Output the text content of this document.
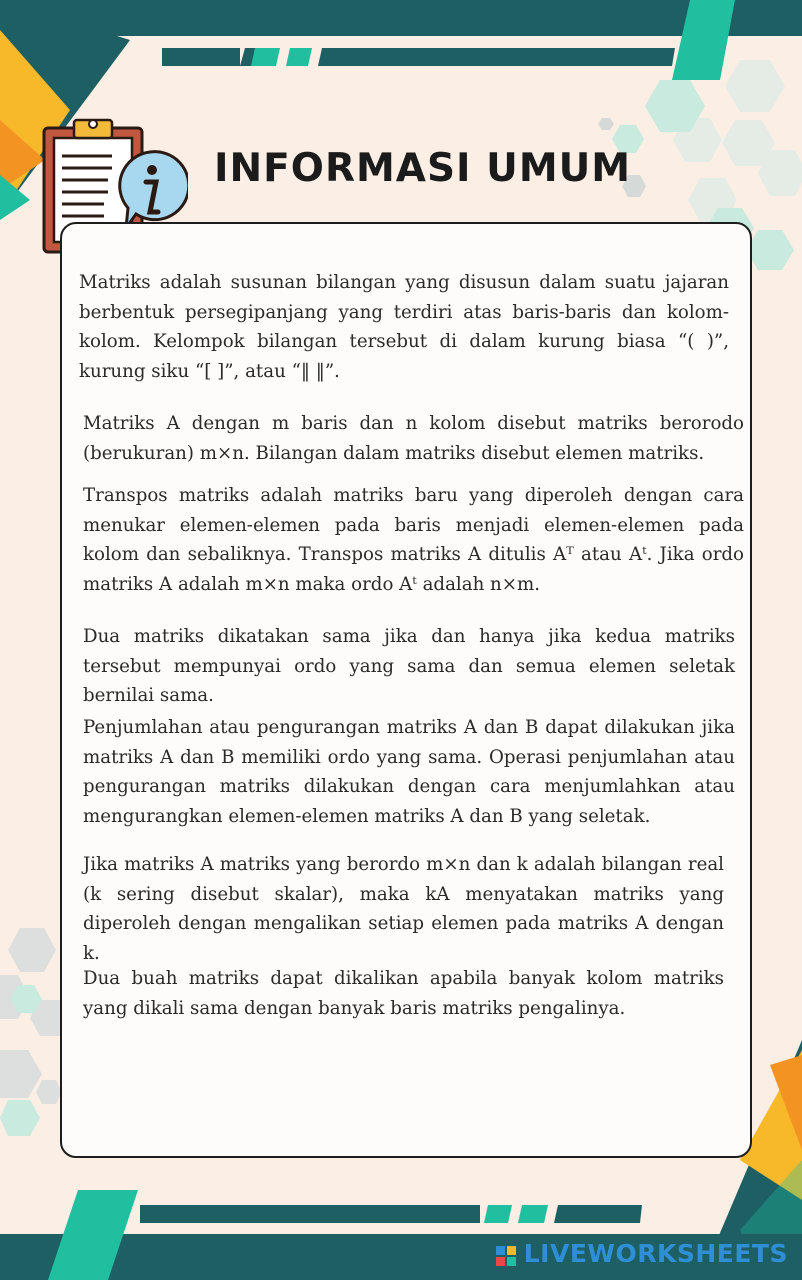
INFORMASI UMUM

Matriks adalah susunan bilangan yang disusun dalam suatu jajaran berbentuk persegipanjang yang terdiri atas baris-baris dan kolom-kolom. Kelompok bilangan tersebut di dalam kurung biasa “( )”, kurung siku “[ ]”, atau “‖ ‖”.

Matriks A dengan m baris dan n kolom disebut matriks berorodo (berukuran) m×n. Bilangan dalam matriks disebut elemen matriks.

Transpos matriks adalah matriks baru yang diperoleh dengan cara menukar elemen-elemen pada baris menjadi elemen-elemen pada kolom dan sebaliknya. Transpos matriks A ditulis Aᵀ atau Aᵗ. Jika ordo matriks A adalah m×n maka ordo Aᵗ adalah n×m.

Dua matriks dikatakan sama jika dan hanya jika kedua matriks tersebut mempunyai ordo yang sama dan semua elemen seletak bernilai sama.

Penjumlahan atau pengurangan matriks A dan B dapat dilakukan jika matriks A dan B memiliki ordo yang sama. Operasi penjumlahan atau pengurangan matriks dilakukan dengan cara menjumlahkan atau mengurangkan elemen-elemen matriks A dan B yang seletak.

Jika matriks A matriks yang berordo m×n dan k adalah bilangan real (k sering disebut skalar), maka kA menyatakan matriks yang diperoleh dengan mengalikan setiap elemen pada matriks A dengan k.

Dua buah matriks dapat dikalikan apabila banyak kolom matriks yang dikali sama dengan banyak baris matriks pengalinya.

LIVEWORKSHEETS
